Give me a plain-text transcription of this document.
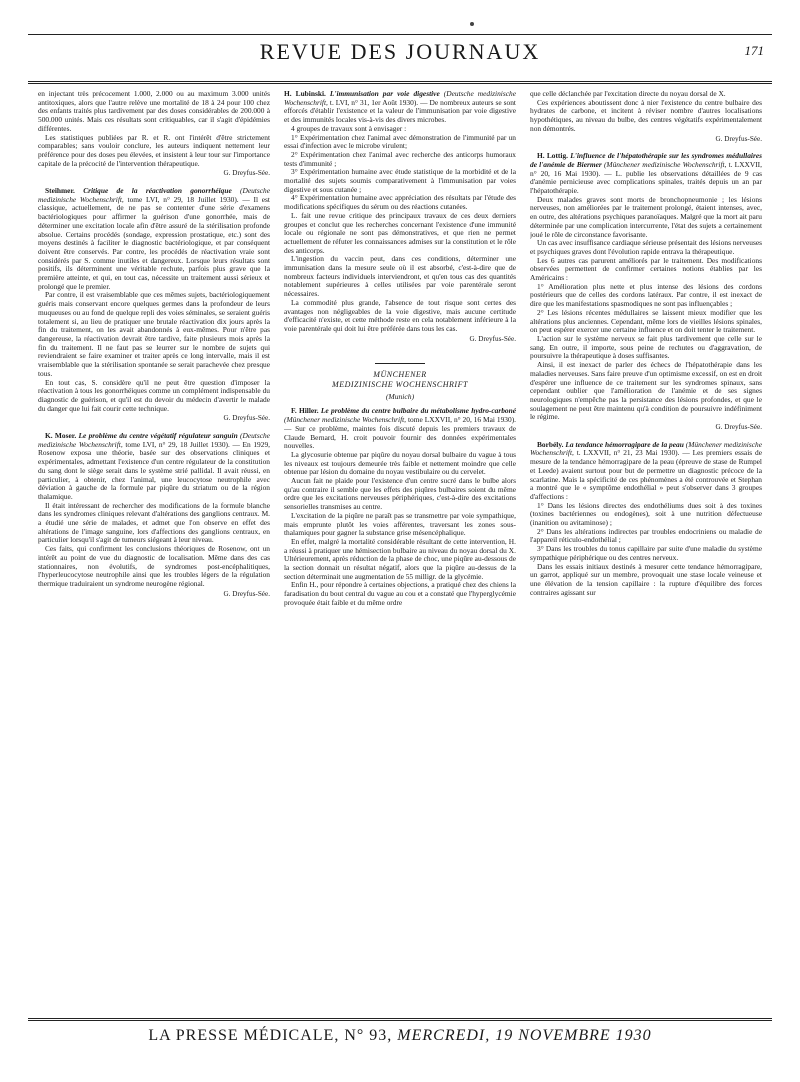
REVUE DES JOURNAUX	171

en injectant très précocement 1.000, 2.000 ou au maximum 3.000 unités antitoxiques, alors que l'autre relève une mortalité de 18 à 24 pour 100 chez des enfants traités plus tardivement par des doses considérables de 200.000 à 500.000 unités. Mais ces résultats sont critiquables, car il s'agit d'épidémies différentes.

Les statistiques publiées par R. et R. ont l'intérêt d'être strictement comparables; sans vouloir conclure, les auteurs indiquent nettement leur préférence pour des doses peu élevées, et insistent à leur tour sur l'importance capitale de la précocité de l'intervention thérapeutique.

G. Dreyfus-Sée.

Steihmer. Critique de la réactivation gonorrhéique (Deutsche medizinische Wochenschrift, tome LVI, n° 29, 18 Juillet 1930). — Il est classique, actuellement, de ne pas se contenter d'une série d'examens bactériologiques pour affirmer la guérison d'une gonorrhée, mais de déterminer une excitation locale afin d'être assuré de la stérilisation profonde absolue. Certains procédés (sondage, expression prostatique, etc.) sont des moyens destinés à faciliter le diagnostic bactériologique, et par conséquent doivent être conservés. Par contre, les procédés de réactivation vraie sont considérés par S. comme inutiles et dangereux. Lorsque leurs résultats sont positifs, ils déterminent une véritable rechute, parfois plus grave que la première atteinte, et qui, en tout cas, nécessite un traitement aussi sérieux et prolongé que le premier.

Par contre, il est vraisemblable que ces mêmes sujets, bactériologiquement guéris mais conservant encore quelques germes dans la profondeur de leurs muqueuses ou au fond de quelque repli des voies séminales, se seraient guéris totalement si, au lieu de pratiquer une brutale réactivation dix jours après la fin du traitement, on les avait abandonnés à eux-mêmes. Pour n'être pas dangereuse, la réactivation devrait être tardive, faite plusieurs mois après la fin du traitement. Il ne faut pas se leurrer sur le nombre de sujets qui reviendraient se faire examiner et traiter après ce long intervalle, mais il est vraisemblable que la stérilisation spontanée se serait parachevée chez presque tous.

En tout cas, S. considère qu'il ne peut être question d'imposer la réactivation à tous les gonorrhéiques comme un complément indispensable du diagnostic de guérison, et qu'il est du devoir du médecin d'avertir le malade du danger que lui fait courir cette technique.

G. Dreyfus-Sée.

K. Moser. Le problème du centre végétatif régulateur sanguin (Deutsche medizinische Wochenschrift, tome LVI, n° 29, 18 Juillet 1930). — En 1929, Rosenow exposa une théorie, basée sur des observations cliniques et expérimentales, admettant l'existence d'un centre régulateur de la constitution du sang dont le siège serait dans le système strié pallidal. Il avait réussi, en particulier, à obtenir, chez l'animal, une leucocytose neutrophile avec déviation à gauche de la formule par piqûre du striatum ou de la région thalamique.

Il était intéressant de rechercher des modifications de la formule blanche dans les syndromes cliniques relevant d'altérations des ganglions centraux. M. a étudié une série de malades, et admet que l'on observe en effet des altérations de l'image sanguine, lors d'affections des ganglions centraux, en particulier lorsqu'il s'agit de tumeurs siégeant à leur niveau.

Ces faits, qui confirment les conclusions théoriques de Rosenow, ont un intérêt au point de vue du diagnostic de localisation. Même dans des cas stationnaires, non évolutifs, de syndromes post-encéphalitiques, l'hyperleucocytose neutrophile ainsi que les troubles légers de la régulation thermique traduiraient un syndrome neurogène régional.

G. Dreyfus-Sée.

H. Lubinski. L'immunisation par voie digestive (Deutsche medizinische Wochenschrift, t. LVI, n° 31, 1er Août 1930). — De nombreux auteurs se sont efforcés d'établir l'existence et la valeur de l'immunisation par voie digestive et des immunités locales vis-à-vis des divers microbes.

4 groupes de travaux sont à envisager :

1° Expérimentation chez l'animal avec démonstration de l'immunité par un essai d'infection avec le microbe virulent;

2° Expérimentation chez l'animal avec recherche des anticorps humoraux tests d'immunité ;

3° Expérimentation humaine avec étude statistique de la morbidité et de la mortalité des sujets soumis comparativement à l'immunisation par voies digestive et sous cutanée ;

4° Expérimentation humaine avec appréciation des résultats par l'étude des modifications spécifiques du sérum ou des réactions cutanées.

L. fait une revue critique des principaux travaux de ces deux derniers groupes et conclut que les recherches concernant l'existence d'une immunité locale ou régionale ne sont pas démonstratives, et que rien ne permet actuellement de réfuter les connaissances admises sur la constitution et le rôle des anticorps.

L'ingestion du vaccin peut, dans ces conditions, déterminer une immunisation dans la mesure seule où il est absorbé, c'est-à-dire que de nombreux facteurs individuels interviendront, et qu'en tous cas des quantités notablement supérieures à celles utilisées par voie parentérale seront nécessaires.

La commodité plus grande, l'absence de tout risque sont certes des avantages non négligeables de la voie digestive, mais aucune certitude d'efficacité n'existe, et cette méthode reste en cela notablement inférieure à la voie parentérale qui doit lui être préférée dans tous les cas.

G. Dreyfus-Sée.

MÜNCHENER
MEDIZINISCHE WOCHENSCHRIFT
(Munich)

F. Hiller. Le problème du centre bulbaire du métabolisme hydro-carboné (Münchener medizinische Wochenschrift, tome LXXVII, n° 20, 16 Mai 1930). — Sur ce problème, maintes fois discuté depuis les premiers travaux de Claude Bernard, H. croit pouvoir fournir des données expérimentales nouvelles.

La glycosurie obtenue par piqûre du noyau dorsal bulbaire du vague à tous les niveaux est toujours demeurée très faible et nettement moindre que celle obtenue par lésion du domaine du noyau vestibulaire ou du cervelet.

Aucun fait ne plaide pour l'existence d'un centre sucré dans le bulbe alors qu'au contraire il semble que les effets des piqûres bulbaires soient du même ordre que les excitations nerveuses périphériques, c'est-à-dire des excitations sensorielles transmises au centre.

L'excitation de la piqûre ne paraît pas se transmettre par voie sympathique, mais emprunte plutôt les voies afférentes, traversant les zones sous-thalamiques pour gagner la substance grise mésencéphalique.

En effet, malgré la mortalité considérable résultant de cette intervention, H. a réussi à pratiquer une hémisection bulbaire au niveau du noyau dorsal du X. Ultérieurement, après réduction de la phase de choc, une piqûre au-dessous de la section donnait un résultat négatif, alors que la piqûre au-dessus de la section déterminait une augmentation de 55 milligr. de la glycémie.

Enfin H., pour répondre à certaines objections, a pratiqué chez des chiens la faradisation du bout central du vague au cou et a constaté que l'hyperglycémie provoquée était faible et du même ordre

que celle déclanchée par l'excitation directe du noyau dorsal de X.

Ces expériences aboutissent donc à nier l'existence du centre bulbaire des hydrates de carbone, et incitent à réviser nombre d'autres localisations hypothétiques, au niveau du bulbe, des centres végétatifs expérimentalement non démontrés.

G. Dreyfus-Sée.

H. Lottig. L'influence de l'hépatothérapie sur les syndromes médullaires de l'anémie de Biermer (Münchener medizinische Wochenschrift, t. LXXVII, n° 20, 16 Mai 1930). — L. publie les observations détaillées de 9 cas d'anémie pernicieuse avec complications spinales, traités depuis un an par l'hépatothérapie.

Deux malades graves sont morts de bronchopneumonie ; les lésions nerveuses, non améliorées par le traitement prolongé, étaient intenses, avec, en outre, des altérations psychiques paranoïaques. Malgré que la mort ait paru déterminée par une complication intercurrente, l'état des sujets a certainement joué le rôle de circonstance favorisante.

Un cas avec insuffisance cardiaque sérieuse présentait des lésions nerveuses et psychiques graves dont l'évolution rapide entrava la thérapeutique.

Les 6 autres cas parurent améliorés par le traitement. Des modifications observées permettent de confirmer certaines notions établies par les Américains :

1° Amélioration plus nette et plus intense des lésions des cordons postérieurs que de celles des cordons latéraux. Par contre, il est inexact de dire que les manifestations spasmodiques ne sont pas influençables ;

2° Les lésions récentes médullaires se laissent mieux modifier que les altérations plus anciennes. Cependant, même lors de vieilles lésions spinales, on peut espérer exercer une certaine influence et on doit tenter le traitement.

L'action sur le système nerveux se fait plus tardivement que celle sur le sang. En outre, il importe, sous peine de rechutes ou d'aggravation, de poursuivre la thérapeutique à doses suffisantes.

Ainsi, il est inexact de parler des échecs de l'hépatothérapie dans les maladies nerveuses. Sans faire preuve d'un optimisme excessif, on est en droit d'espérer une influence de ce traitement sur les syndromes spinaux, sans cependant oublier que l'amélioration de l'anémie et de ses signes neurologiques n'empêche pas la persistance des lésions profondes, et que le soulagement ne peut être maintenu qu'à condition de poursuivre indéfiniment le régime.

G. Dreyfus-Sée.

Borbély. La tendance hémorragipare de la peau (Münchener medizinische Wochenschrift, t. LXXVII, n° 21, 23 Mai 1930). — Les premiers essais de mesure de la tendance hémorragipare de la peau (épreuve de stase de Rumpel et Leede) avaient surtout pour but de permettre un diagnostic précoce de la scarlatine. Mais la spécificité de ces phénomènes a été controuvée et Stephan a montré que le « symptôme endothélial » peut s'observer dans 3 groupes d'affections :

1° Dans les lésions directes des endothéliums dues soit à des toxines (toxines bactériennes ou endogènes), soit à une nutrition défectueuse (inanition ou avitaminose) ;

2° Dans les altérations indirectes par troubles endocriniens ou maladie de l'appareil réticulo-endothélial ;

3° Dans les troubles du tonus capillaire par suite d'une maladie du système sympathique périphérique ou des centres nerveux.

Dans les essais initiaux destinés à mesurer cette tendance hémorragipare, un garrot, appliqué sur un membre, provoquait une stase locale veineuse et une élévation de la tension capillaire : la rupture d'équilibre des forces contraires agissant sur

LA PRESSE MÉDICALE, N° 93, MERCREDI, 19 NOVEMBRE 1930
